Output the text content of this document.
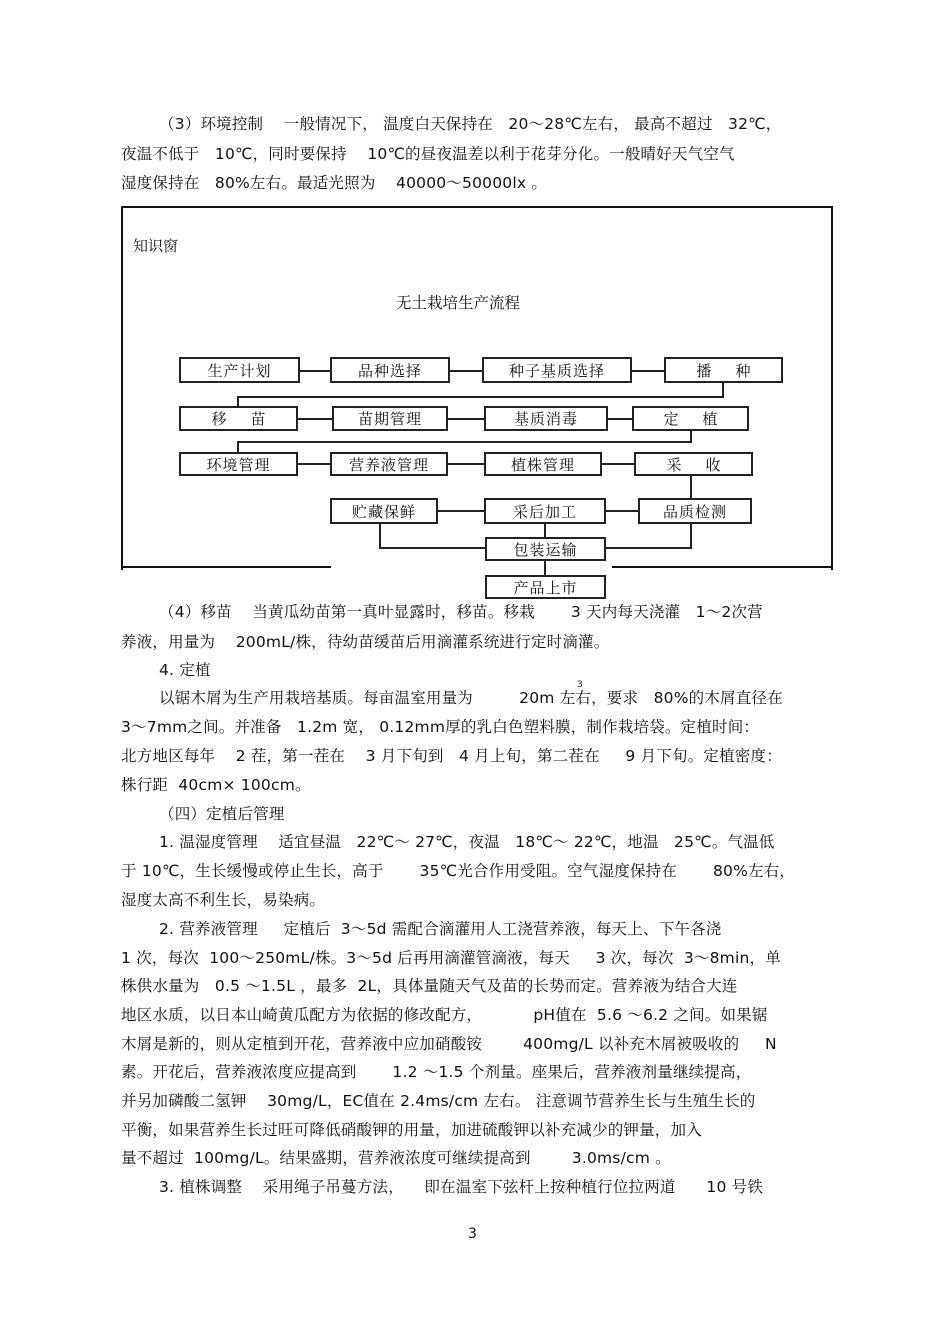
（3）环境控制    一般情况下， 温度白天保持在   20～28℃左右， 最高不超过   32℃，
夜温不低于   10℃，同时要保持    10℃的昼夜温差以利于花芽分化。一般晴好天气空气
湿度保持在   80%左右。最适光照为    40000～50000lx 。
知识窗
无土栽培生产流程
生产计划	品种选择	种子基质选择	播种
移苗	苗期管理	基质消毒	定植
环境管理	营养液管理	植株管理	采收
贮藏保鲜	采后加工	品质检测
包装运输
产品上市
（4）移苗    当黄瓜幼苗第一真叶显露时，移苗。移栽       3 天内每天浇灌   1～2次营
养液，用量为    200mL/株，待幼苗缓苗后用滴灌系统进行定时滴灌。
4. 定植
以锯木屑为生产用栽培基质。每亩温室用量为         20m 左右，要求   80%的木屑直径在
3
3～7mm之间。并准备   1.2m 宽， 0.12mm厚的乳白色塑料膜，制作栽培袋。定植时间：
北方地区每年    2 茬，第一茬在    3 月下旬到   4 月上旬，第二茬在     9 月下旬。定植密度：
株行距  40cm× 100cm。
（四）定植后管理
1. 温湿度管理    适宜昼温   22℃～ 27℃，夜温   18℃～ 22℃，地温   25℃。气温低
于 10℃，生长缓慢或停止生长，高于       35℃光合作用受阻。空气湿度保持在       80%左右，
湿度太高不利生长，易染病。
2. 营养液管理     定植后  3～5d 需配合滴灌用人工浇营养液，每天上、下午各浇
1 次，每次  100～250mL/株。3～5d 后再用滴灌管滴液，每天     3 次，每次  3～8min，单
株供水量为   0.5 ～1.5L ，最多  2L，具体量随天气及苗的长势而定。营养液为结合大连
地区水质，以日本山崎黄瓜配方为依据的修改配方，          pH值在  5.6 ～6.2 之间。如果锯
木屑是新的，则从定植到开花，营养液中应加硝酸铵        400mg/L 以补充木屑被吸收的     N
素。开花后，营养液浓度应提高到       1.2 ～1.5 个剂量。座果后，营养液剂量继续提高，
并另加磷酸二氢钾    30mg/L，EC值在 2.4ms/cm 左右。 注意调节营养生长与生殖生长的
平衡，如果营养生长过旺可降低硝酸钾的用量，加进硫酸钾以补充减少的钾量，加入
量不超过  100mg/L。结果盛期，营养液浓度可继续提高到        3.0ms/cm 。
3. 植株调整    采用绳子吊蔓方法，    即在温室下弦杆上按种植行位拉两道      10 号铁
3
